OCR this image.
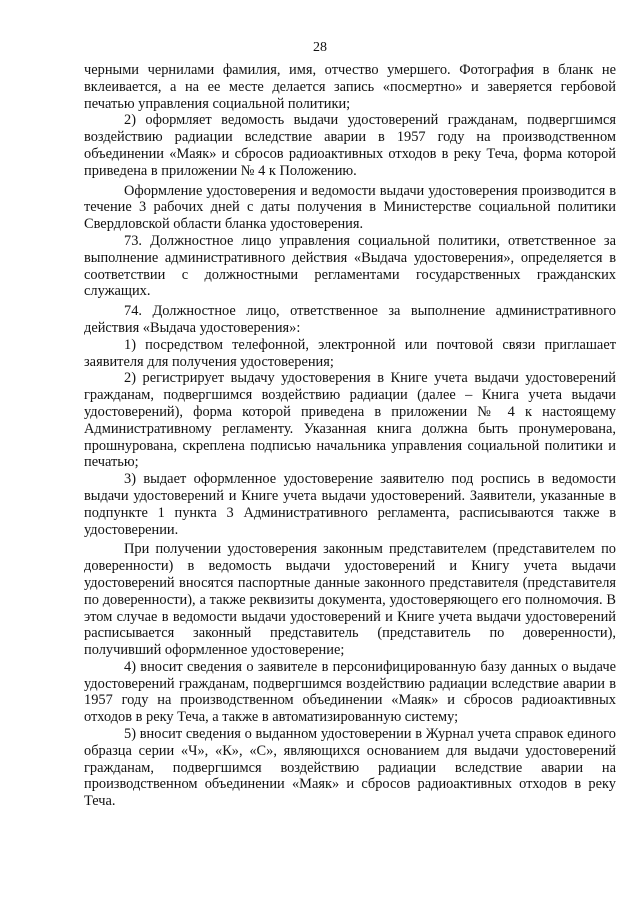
28

черными чернилами фамилия, имя, отчество умершего. Фотография в бланк не вклеивается, а на ее месте делается запись «посмертно» и заверяется гербовой печатью управления социальной политики;

2) оформляет ведомость выдачи удостоверений гражданам, подвергшимся воздействию радиации вследствие аварии в 1957 году на производственном объединении «Маяк» и сбросов радиоактивных отходов в реку Теча, форма которой приведена в приложении № 4 к Положению.

Оформление удостоверения и ведомости выдачи удостоверения производится в течение 3 рабочих дней с даты получения в Министерстве социальной политики Свердловской области бланка удостоверения.

73. Должностное лицо управления социальной политики, ответственное за выполнение административного действия «Выдача удостоверения», определяется в соответствии с должностными регламентами государственных гражданских служащих.

74. Должностное лицо, ответственное за выполнение административного действия «Выдача удостоверения»:

1) посредством телефонной, электронной или почтовой связи приглашает заявителя для получения удостоверения;

2) регистрирует выдачу удостоверения в Книге учета выдачи удостоверений гражданам, подвергшимся воздействию радиации (далее – Книга учета выдачи удостоверений), форма которой приведена в приложении № 4 к настоящему Административному регламенту. Указанная книга должна быть пронумерована, прошнурована, скреплена подписью начальника управления социальной политики и печатью;

3) выдает оформленное удостоверение заявителю под роспись в ведомости выдачи удостоверений и Книге учета выдачи удостоверений. Заявители, указанные в подпункте 1 пункта 3 Административного регламента, расписываются также в удостоверении.

При получении удостоверения законным представителем (представителем по доверенности) в ведомость выдачи удостоверений и Книгу учета выдачи удостоверений вносятся паспортные данные законного представителя (представителя по доверенности), а также реквизиты документа, удостоверяющего его полномочия. В этом случае в ведомости выдачи удостоверений и Книге учета выдачи удостоверений расписывается законный представитель (представитель по доверенности), получивший оформленное удостоверение;

4) вносит сведения о заявителе в персонифицированную базу данных о выдаче удостоверений гражданам, подвергшимся воздействию радиации вследствие аварии в 1957 году на производственном объединении «Маяк» и сбросов радиоактивных отходов в реку Теча, а также в автоматизированную систему;

5) вносит сведения о выданном удостоверении в Журнал учета справок единого образца серии «Ч», «К», «С», являющихся основанием для выдачи удостоверений гражданам, подвергшимся воздействию радиации вследствие аварии на производственном объединении «Маяк» и сбросов радиоактивных отходов в реку Теча.
